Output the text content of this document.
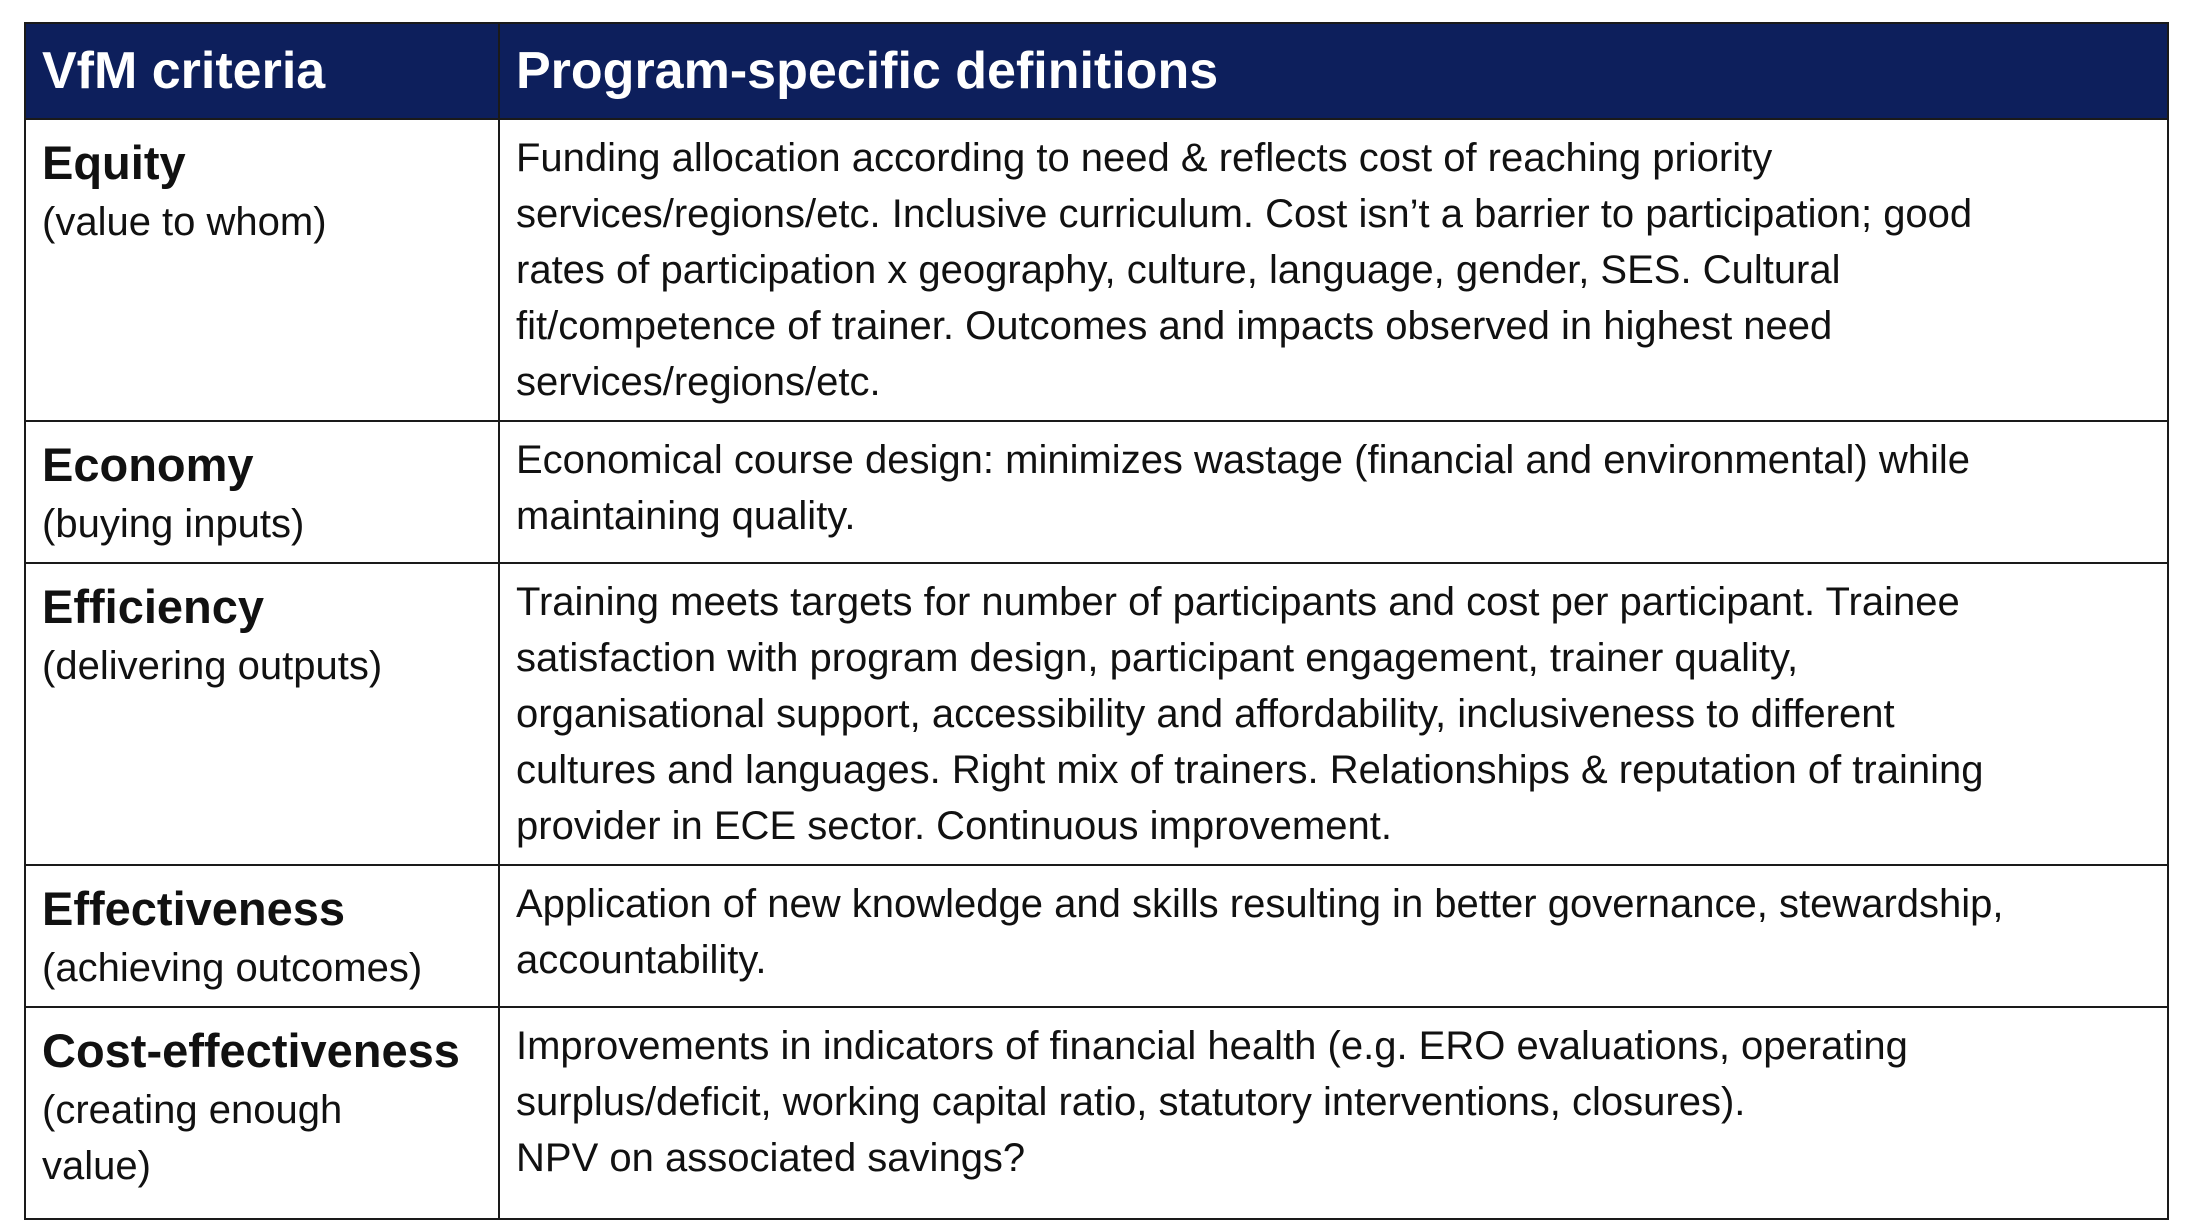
VfM criteria	Program-specific definitions

Equity
(value to whom)	Funding allocation according to need & reflects cost of reaching priority
services/regions/etc. Inclusive curriculum. Cost isn’t a barrier to participation; good
rates of participation x geography, culture, language, gender, SES. Cultural
fit/competence of trainer. Outcomes and impacts observed in highest need
services/regions/etc.

Economy
(buying inputs)	Economical course design: minimizes wastage (financial and environmental) while
maintaining quality.

Efficiency
(delivering outputs)	Training meets targets for number of participants and cost per participant. Trainee
satisfaction with program design, participant engagement, trainer quality,
organisational support, accessibility and affordability, inclusiveness to different
cultures and languages. Right mix of trainers. Relationships & reputation of training
provider in ECE sector. Continuous improvement.

Effectiveness
(achieving outcomes)	Application of new knowledge and skills resulting in better governance, stewardship,
accountability.

Cost-effectiveness
(creating enough
value)	Improvements in indicators of financial health (e.g. ERO evaluations, operating
surplus/deficit, working capital ratio, statutory interventions, closures).
NPV on associated savings?
